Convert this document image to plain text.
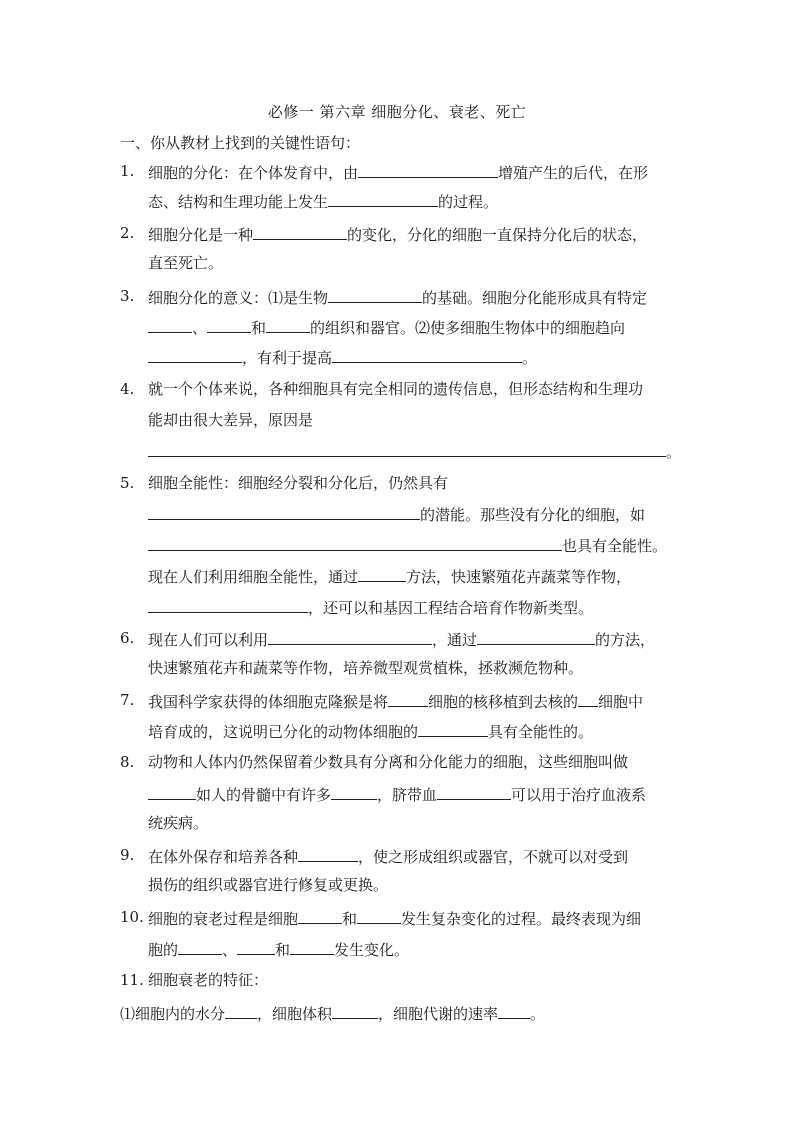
必修一 第六章 细胞分化、衰老、死亡
一、你从教材上找到的关键性语句：
1. 细胞的分化：在个体发育中，由	增殖产生的后代，在形
态、结构和生理功能上发生	的过程。
2. 细胞分化是一种	的变化，分化的细胞一直保持分化后的状态，
直至死亡。
3. 细胞分化的意义：⑴是生物	的基础。细胞分化能形成具有特定
、	和	的组织和器官。⑵使多细胞生物体中的细胞趋向
，有利于提高	。
4. 就一个个体来说，各种细胞具有完全相同的遗传信息，但形态结构和生理功
能却由很大差异，原因是
。
5. 细胞全能性：细胞经分裂和分化后，仍然具有
的潜能。那些没有分化的细胞，如
也具有全能性。
现在人们利用细胞全能性，通过	方法，快速繁殖花卉蔬菜等作物，
，还可以和基因工程结合培育作物新类型。
6. 现在人们可以利用	，通过	的方法，
快速繁殖花卉和蔬菜等作物，培养微型观赏植株，拯救濒危物种。
7. 我国科学家获得的体细胞克隆猴是将	细胞的核移植到去核的 细胞中
培育成的，这说明已分化的动物体细胞的	具有全能性的。
8. 动物和人体内仍然保留着少数具有分离和分化能力的细胞，这些细胞叫做
如人的骨髓中有许多	，脐带血	可以用于治疗血液系
统疾病。
9. 在体外保存和培养各种	，使之形成组织或器官，不就可以对受到
损伤的组织或器官进行修复或更换。
10. 细胞的衰老过程是细胞	和	发生复杂变化的过程。最终表现为细
胞的	、	和	发生变化。
11. 细胞衰老的特征：
⑴细胞内的水分 ，细胞体积	，细胞代谢的速率 。
